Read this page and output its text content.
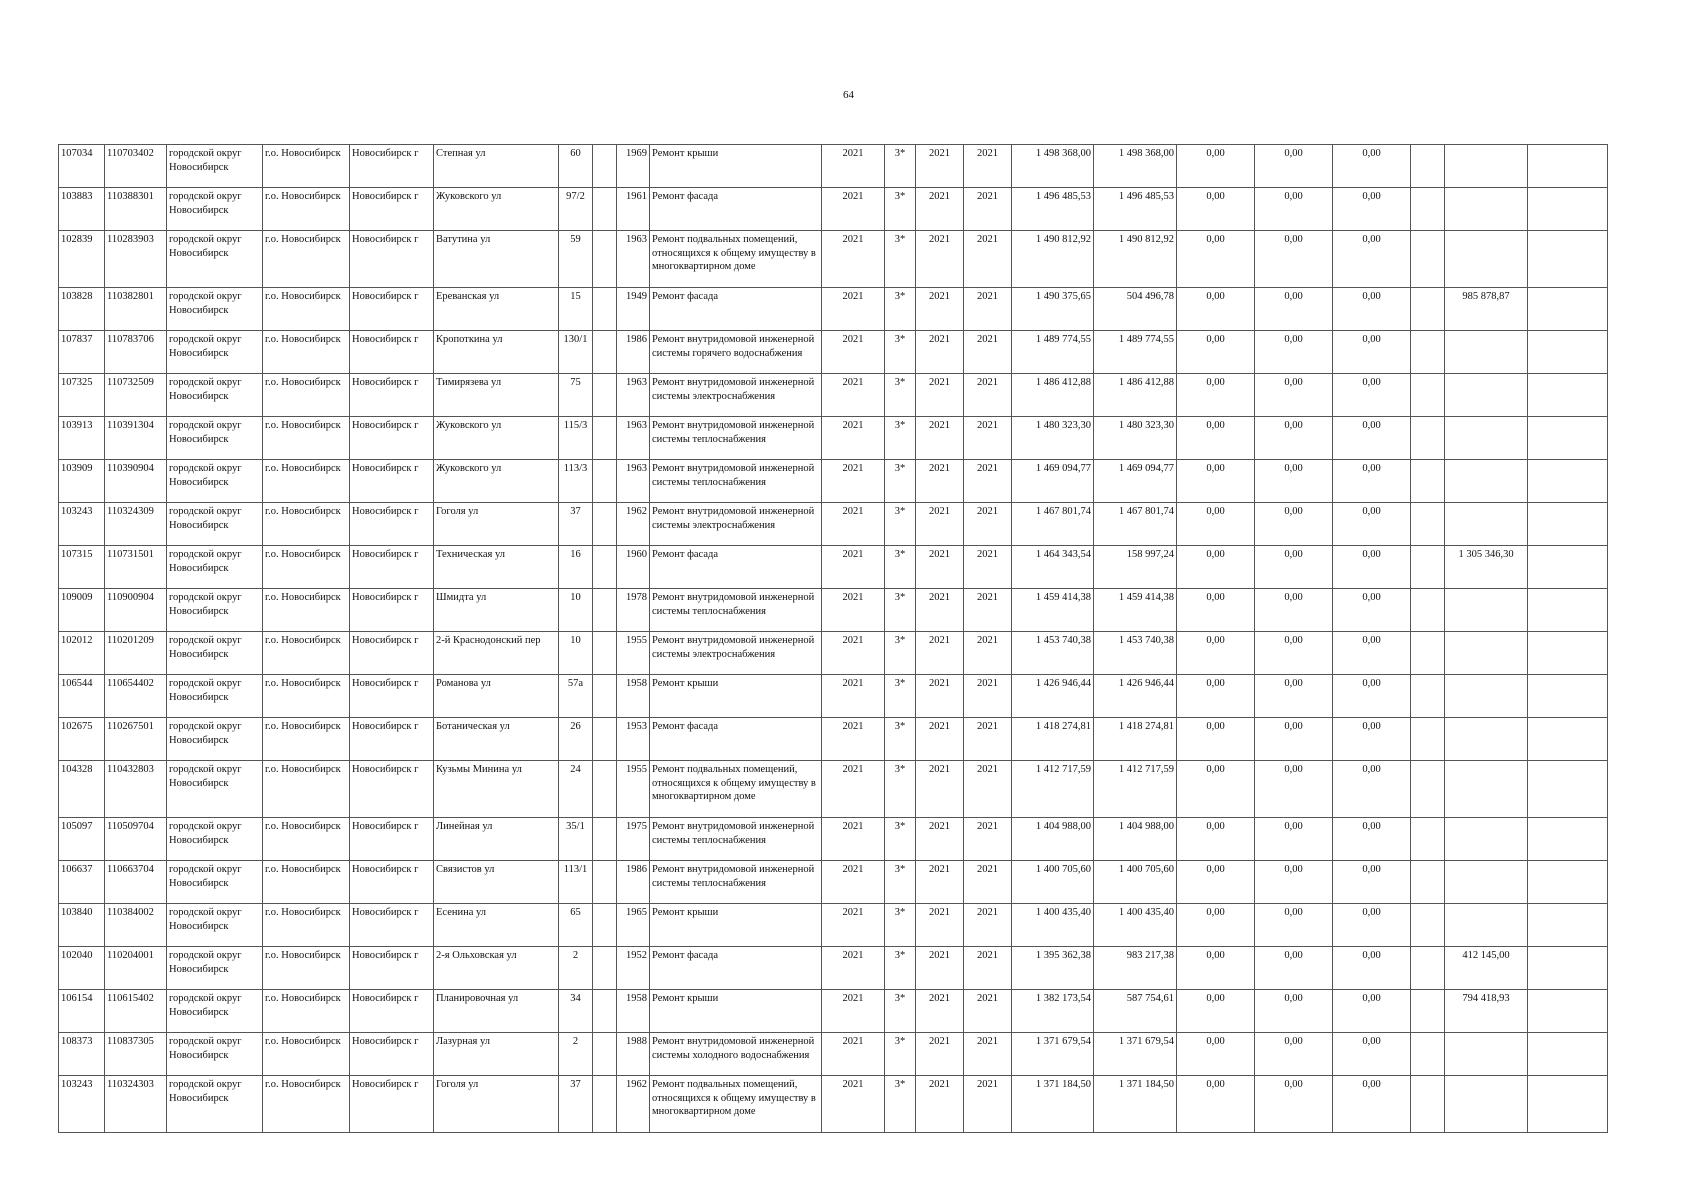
64
107034	110703402	городской округ Новосибирск	г.о. Новосибирск	Новосибирск г	Степная ул	60		1969	Ремонт крыши	2021	3*	2021	2021	1 498 368,00	1 498 368,00	0,00	0,00	0,00			
103883	110388301	городской округ Новосибирск	г.о. Новосибирск	Новосибирск г	Жуковского ул	97/2		1961	Ремонт фасада	2021	3*	2021	2021	1 496 485,53	1 496 485,53	0,00	0,00	0,00			
102839	110283903	городской округ Новосибирск	г.о. Новосибирск	Новосибирск г	Ватутина ул	59		1963	Ремонт подвальных помещений, относящихся к общему имуществу в многоквартирном доме	2021	3*	2021	2021	1 490 812,92	1 490 812,92	0,00	0,00	0,00			
103828	110382801	городской округ Новосибирск	г.о. Новосибирск	Новосибирск г	Ереванская ул	15		1949	Ремонт фасада	2021	3*	2021	2021	1 490 375,65	504 496,78	0,00	0,00	0,00		985 878,87	
107837	110783706	городской округ Новосибирск	г.о. Новосибирск	Новосибирск г	Кропоткина ул	130/1		1986	Ремонт внутридомовой инженерной системы горячего водоснабжения	2021	3*	2021	2021	1 489 774,55	1 489 774,55	0,00	0,00	0,00			
107325	110732509	городской округ Новосибирск	г.о. Новосибирск	Новосибирск г	Тимирязева ул	75		1963	Ремонт внутридомовой инженерной системы электроснабжения	2021	3*	2021	2021	1 486 412,88	1 486 412,88	0,00	0,00	0,00			
103913	110391304	городской округ Новосибирск	г.о. Новосибирск	Новосибирск г	Жуковского ул	115/3		1963	Ремонт внутридомовой инженерной системы теплоснабжения	2021	3*	2021	2021	1 480 323,30	1 480 323,30	0,00	0,00	0,00			
103909	110390904	городской округ Новосибирск	г.о. Новосибирск	Новосибирск г	Жуковского ул	113/3		1963	Ремонт внутридомовой инженерной системы теплоснабжения	2021	3*	2021	2021	1 469 094,77	1 469 094,77	0,00	0,00	0,00			
103243	110324309	городской округ Новосибирск	г.о. Новосибирск	Новосибирск г	Гоголя ул	37		1962	Ремонт внутридомовой инженерной системы электроснабжения	2021	3*	2021	2021	1 467 801,74	1 467 801,74	0,00	0,00	0,00			
107315	110731501	городской округ Новосибирск	г.о. Новосибирск	Новосибирск г	Техническая ул	16		1960	Ремонт фасада	2021	3*	2021	2021	1 464 343,54	158 997,24	0,00	0,00	0,00		1 305 346,30	
109009	110900904	городской округ Новосибирск	г.о. Новосибирск	Новосибирск г	Шмидта ул	10		1978	Ремонт внутридомовой инженерной системы теплоснабжения	2021	3*	2021	2021	1 459 414,38	1 459 414,38	0,00	0,00	0,00			
102012	110201209	городской округ Новосибирск	г.о. Новосибирск	Новосибирск г	2-й Краснодонский пер	10		1955	Ремонт внутридомовой инженерной системы электроснабжения	2021	3*	2021	2021	1 453 740,38	1 453 740,38	0,00	0,00	0,00			
106544	110654402	городской округ Новосибирск	г.о. Новосибирск	Новосибирск г	Романова ул	57а		1958	Ремонт крыши	2021	3*	2021	2021	1 426 946,44	1 426 946,44	0,00	0,00	0,00			
102675	110267501	городской округ Новосибирск	г.о. Новосибирск	Новосибирск г	Ботаническая ул	26		1953	Ремонт фасада	2021	3*	2021	2021	1 418 274,81	1 418 274,81	0,00	0,00	0,00			
104328	110432803	городской округ Новосибирск	г.о. Новосибирск	Новосибирск г	Кузьмы Минина ул	24		1955	Ремонт подвальных помещений, относящихся к общему имуществу в многоквартирном доме	2021	3*	2021	2021	1 412 717,59	1 412 717,59	0,00	0,00	0,00			
105097	110509704	городской округ Новосибирск	г.о. Новосибирск	Новосибирск г	Линейная ул	35/1		1975	Ремонт внутридомовой инженерной системы теплоснабжения	2021	3*	2021	2021	1 404 988,00	1 404 988,00	0,00	0,00	0,00			
106637	110663704	городской округ Новосибирск	г.о. Новосибирск	Новосибирск г	Связистов ул	113/1		1986	Ремонт внутридомовой инженерной системы теплоснабжения	2021	3*	2021	2021	1 400 705,60	1 400 705,60	0,00	0,00	0,00			
103840	110384002	городской округ Новосибирск	г.о. Новосибирск	Новосибирск г	Есенина ул	65		1965	Ремонт крыши	2021	3*	2021	2021	1 400 435,40	1 400 435,40	0,00	0,00	0,00			
102040	110204001	городской округ Новосибирск	г.о. Новосибирск	Новосибирск г	2-я Ольховская ул	2		1952	Ремонт фасада	2021	3*	2021	2021	1 395 362,38	983 217,38	0,00	0,00	0,00		412 145,00	
106154	110615402	городской округ Новосибирск	г.о. Новосибирск	Новосибирск г	Планировочная ул	34		1958	Ремонт крыши	2021	3*	2021	2021	1 382 173,54	587 754,61	0,00	0,00	0,00		794 418,93	
108373	110837305	городской округ Новосибирск	г.о. Новосибирск	Новосибирск г	Лазурная ул	2		1988	Ремонт внутридомовой инженерной системы холодного водоснабжения	2021	3*	2021	2021	1 371 679,54	1 371 679,54	0,00	0,00	0,00			
103243	110324303	городской округ Новосибирск	г.о. Новосибирск	Новосибирск г	Гоголя ул	37		1962	Ремонт подвальных помещений, относящихся к общему имуществу в многоквартирном доме	2021	3*	2021	2021	1 371 184,50	1 371 184,50	0,00	0,00	0,00			
